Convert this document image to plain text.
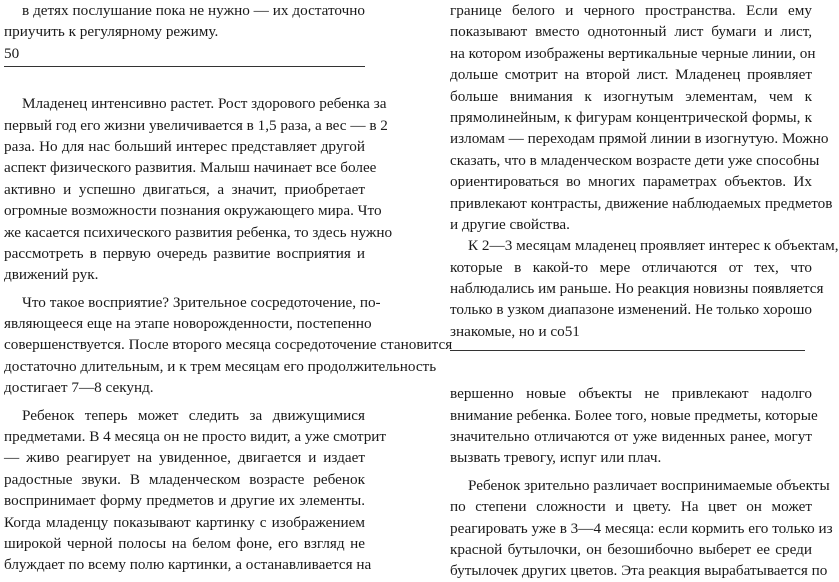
в детях послушание пока не нужно — их достаточно
приучить к регулярному режиму.
50
Младенец интенсивно растет. Рост здорового ребенка за
первый год его жизни увеличивается в 1,5 раза, а вес — в 2
раза. Но для нас больший интерес представляет другой
аспект физического развития. Малыш начинает все более
активно и успешно двигаться, а значит, приобретает
огромные возможности познания окружающего мира. Что
же касается психического развития ребенка, то здесь нужно
рассмотреть в первую очередь развитие восприятия и
движений рук.
Что такое восприятие? Зрительное сосредоточение, по-
являющееся еще на этапе новорожденности, постепенно
совершенствуется. После второго месяца сосредоточение становится
достаточно длительным, и к трем месяцам его продолжительность
достигает 7—8 секунд.
Ребенок теперь может следить за движущимися
предметами. В 4 месяца он не просто видит, а уже смотрит
— живо реагирует на увиденное, двигается и издает
радостные звуки. В младенческом возрасте ребенок
воспринимает форму предметов и другие их элементы.
Когда младенцу показывают картинку с изображением
широкой черной полосы на белом фоне, его взгляд не
блуждает по всему полю картинки, а останавливается на
границе белого и черного пространства. Если ему
показывают вместо однотонный лист бумаги и лист,
на котором изображены вертикальные черные линии, он
дольше смотрит на второй лист. Младенец проявляет
больше внимания к изогнутым элементам, чем к
прямолинейным, к фигурам концентрической формы, к
изломам — переходам прямой линии в изогнутую. Можно
сказать, что в младенческом возрасте дети уже способны
ориентироваться во многих параметрах объектов. Их
привлекают контрасты, движение наблюдаемых предметов
и другие свойства.
К 2—3 месяцам младенец проявляет интерес к объектам,
которые в какой-то мере отличаются от тех, что
наблюдались им раньше. Но реакция новизны появляется
только в узком диапазоне изменений. Не только хорошо
знакомые, но и со51
вершенно новые объекты не привлекают надолго
внимание ребенка. Более того, новые предметы, которые
значительно отличаются от уже виденных ранее, могут
вызвать тревогу, испуг или плач.
Ребенок зрительно различает воспринимаемые объекты
по степени сложности и цвету. На цвет он может
реагировать уже в 3—4 месяца: если кормить его только из
красной бутылочки, он безошибочно выберет ее среди
бутылочек других цветов. Эта реакция вырабатывается по
